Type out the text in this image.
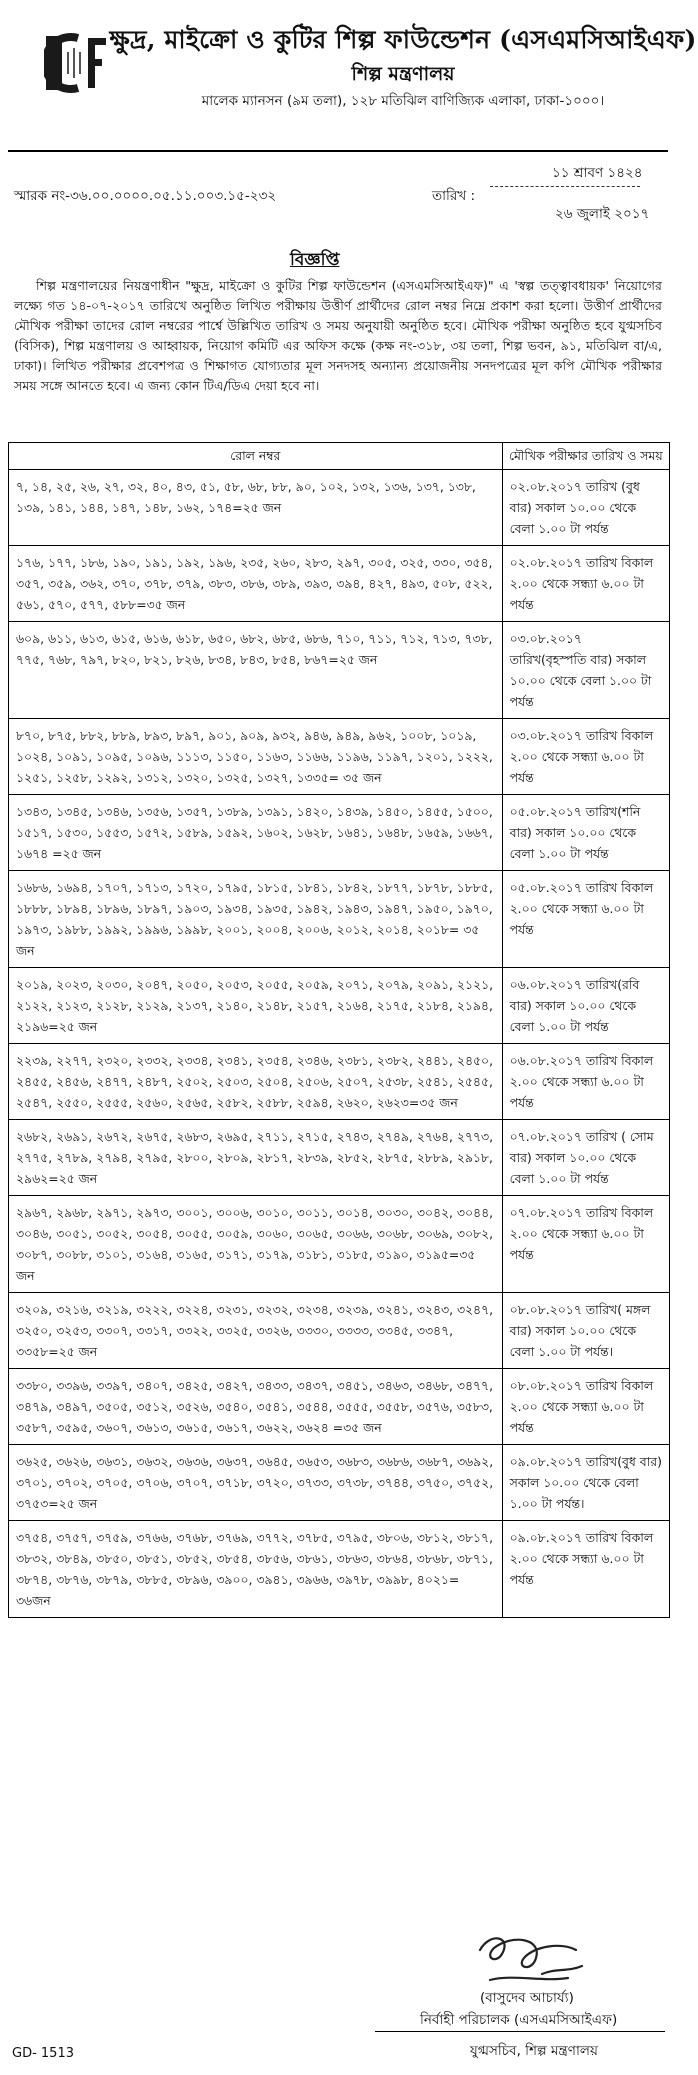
ক্ষুদ্র, মাইক্রো ও কুটির শিল্প ফাউন্ডেশন (এসএমসিআইএফ)
শিল্প মন্ত্রণালয়
মালেক ম্যানসন (৯ম তলা), ১২৮ মতিঝিল বাণিজ্যিক এলাকা, ঢাকা-১০০০।
১১ শ্রাবণ ১৪২৪
স্মারক নং-৩৬.০০.০০০০.০৫.১১.০০৩.১৫-২৩২	তারিখ :
২৬ জুলাই ২০১৭
বিজ্ঞপ্তি
শিল্প মন্ত্রণালয়ের নিয়ন্ত্রণাধীন "ক্ষুদ্র, মাইক্রো ও কুটির শিল্প ফাউন্ডেশন (এসএমসিআইএফ)" এ 'স্বল্প তত্ত্বাবধায়ক' নিয়োগের লক্ষ্যে গত ১৪-০৭-২০১৭ তারিখে অনুষ্ঠিত লিখিত পরীক্ষায় উত্তীর্ণ প্রার্থীদের রোল নম্বর নিম্নে প্রকাশ করা হলো। উত্তীর্ণ প্রার্থীদের মৌখিক পরীক্ষা তাদের রোল নম্বরের পার্শ্বে উল্লিখিত তারিখ ও সময় অনুযায়ী অনুষ্ঠিত হবে। মৌখিক পরীক্ষা অনুষ্ঠিত হবে যুগ্মসচিব (বিসিক), শিল্প মন্ত্রণালয় ও আহ্বায়ক, নিয়োগ কমিটি এর অফিস কক্ষে (কক্ষ নং-৩১৮, ৩য় তলা, শিল্প ভবন, ৯১, মতিঝিল বা/এ, ঢাকা)। লিখিত পরীক্ষার প্রবেশপত্র ও শিক্ষাগত যোগ্যতার মূল সনদসহ অন্যান্য প্রয়োজনীয় সনদপত্রের মূল কপি মৌখিক পরীক্ষার সময় সঙ্গে আনতে হবে। এ জন্য কোন টিএ/ডিএ দেয়া হবে না।
রোল নম্বর	মৌখিক পরীক্ষার তারিখ ও সময়
৭, ১৪, ২৫, ২৬, ২৭, ৩২, ৪০, ৪৩, ৫১, ৫৮, ৬৮, ৮৮, ৯০, ১০২, ১৩২, ১৩৬, ১৩৭, ১৩৮, ১৩৯, ১৪১, ১৪৪, ১৪৭, ১৪৮, ১৬২, ১৭৪=২৫ জন	০২.০৮.২০১৭ তারিখ (বুধ বার) সকাল ১০.০০ থেকে বেলা ১.০০ টা পর্যন্ত
১৭৬, ১৭৭, ১৮৬, ১৯০, ১৯১, ১৯২, ১৯৬, ২৩৫, ২৬০, ২৮৩, ২৯৭, ৩০৫, ৩২৫, ৩৩০, ৩৫৪, ৩৫৭, ৩৫৯, ৩৬২, ৩৭০, ৩৭৮, ৩৭৯, ৩৮৩, ৩৮৬, ৩৮৯, ৩৯৩, ৩৯৪, ৪২৭, ৪৯৩, ৫০৮, ৫২২, ৫৬১, ৫৭০, ৫৭৭, ৫৮৮=৩৫ জন	০২.০৮.২০১৭ তারিখ বিকাল ২.০০ থেকে সন্ধ্যা ৬.০০ টা পর্যন্ত
৬০৯, ৬১১, ৬১৩, ৬১৫, ৬১৬, ৬১৮, ৬৫০, ৬৮২, ৬৮৫, ৬৮৬, ৭১০, ৭১১, ৭১২, ৭১৩, ৭৩৮, ৭৭৫, ৭৬৮, ৭৯৭, ৮২০, ৮২১, ৮২৬, ৮৩৪, ৮৪৩, ৮৫৪, ৮৬৭=২৫ জন	০৩.০৮.২০১৭ তারিখ(বৃহস্পতি বার) সকাল ১০.০০ থেকে বেলা ১.০০ টা পর্যন্ত
৮৭০, ৮৭৫, ৮৮২, ৮৮৯, ৮৯৩, ৮৯৭, ৯০১, ৯০৯, ৯৩২, ৯৪৬, ৯৪৯, ৯৬২, ১০০৮, ১০১৯, ১০২৪, ১০৯১, ১০৯৫, ১০৯৬, ১১১৩, ১১৫০, ১১৬৩, ১১৬৬, ১১৯৬, ১১৯৭, ১২০১, ১২২২, ১২৫১, ১২৫৮, ১২৯২, ১৩১২, ১৩২০, ১৩২৫, ১৩২৭, ১৩৩৫= ৩৫ জন	০৩.০৮.২০১৭ তারিখ বিকাল ২.০০ থেকে সন্ধ্যা ৬.০০ টা পর্যন্ত
১৩৪৩, ১৩৪৫, ১৩৪৬, ১৩৫৬, ১৩৫৭, ১৩৮৯, ১৩৯১, ১৪২০, ১৪৩৯, ১৪৫০, ১৪৫৫, ১৫০০, ১৫১৭, ১৫৩০, ১৫৫৩, ১৫৭২, ১৫৮৯, ১৫৯২, ১৬০২, ১৬২৮, ১৬৪১, ১৬৪৮, ১৬৫৯, ১৬৬৭, ১৬৭৪ =২৫ জন	০৫.০৮.২০১৭ তারিখ(শনি বার) সকাল ১০.০০ থেকে বেলা ১.০০ টা পর্যন্ত
১৬৮৬, ১৬৯৪, ১৭০৭, ১৭১৩, ১৭২০, ১৭৯৫, ১৮১৫, ১৮৪১, ১৮৪২, ১৮৭৭, ১৮৭৮, ১৮৮৫, ১৮৮৮, ১৮৯৪, ১৮৯৬, ১৮৯৭, ১৯০৩, ১৯৩৪, ১৯৩৫, ১৯৪২, ১৯৪৩, ১৯৪৭, ১৯৫০, ১৯৭০, ১৯৭৩, ১৯৮৮, ১৯৯২, ১৯৯৬, ১৯৯৮, ২০০১, ২০০৪, ২০০৬, ২০১২, ২০১৪, ২০১৮= ৩৫ জন	০৫.০৮.২০১৭ তারিখ বিকাল ২.০০ থেকে সন্ধ্যা ৬.০০ টা পর্যন্ত
২০১৯, ২০২৩, ২০৩০, ২০৪৭, ২০৫০, ২০৫৩, ২০৫৫, ২০৫৯, ২০৭১, ২০৭৯, ২০৯১, ২১২১, ২১২২, ২১২৩, ২১২৮, ২১২৯, ২১৩৭, ২১৪০, ২১৪৮, ২১৫৭, ২১৬৪, ২১৭৫, ২১৮৪, ২১৯৪, ২১৯৬=২৫ জন	০৬.০৮.২০১৭ তারিখ(রবি বার) সকাল ১০.০০ থেকে বেলা ১.০০ টা পর্যন্ত
২২৩৯, ২২৭৭, ২৩২০, ২৩৩২, ২৩৩৪, ২৩৪১, ২৩৫৪, ২৩৪৬, ২৩৮১, ২৩৮২, ২৪৪১, ২৪৫০, ২৪৫৫, ২৪৫৬, ২৪৭৭, ২৪৮৭, ২৫০২, ২৫০৩, ২৫০৪, ২৫০৬, ২৫০৭, ২৫৩৮, ২৫৪১, ২৫৪৫, ২৫৪৭, ২৫৫০, ২৫৫৫, ২৫৬০, ২৫৬৫, ২৫৮২, ২৫৮৮, ২৫৯৪, ২৬২০, ২৬২৩=৩৫ জন	০৬.০৮.২০১৭ তারিখ বিকাল ২.০০ থেকে সন্ধ্যা ৬.০০ টা পর্যন্ত
২৬৮২, ২৬৯১, ২৬৭২, ২৬৭৫, ২৬৮৩, ২৬৯৫, ২৭১১, ২৭১৫, ২৭৪৩, ২৭৪৯, ২৭৬৪, ২৭৭৩, ২৭৭৫, ২৭৮৯, ২৭৯৪, ২৭৯৫, ২৮০০, ২৮০৯, ২৮১৭, ২৮৩৯, ২৮৫২, ২৮৭৫, ২৮৮৯, ২৯১৮, ২৯৬২=২৫ জন	০৭.০৮.২০১৭ তারিখ ( সোম বার) সকাল ১০.০০ থেকে বেলা ১.০০ টা পর্যন্ত
২৯৬৭, ২৯৬৮, ২৯৭১, ২৯৭৩, ৩০০১, ৩০০৬, ৩০১০, ৩০১১, ৩০১৪, ৩০৩০, ৩০৪২, ৩০৪৪, ৩০৪৬, ৩০৫১, ৩০৫২, ৩০৫৪, ৩০৫৫, ৩০৫৯, ৩০৬০, ৩০৬৫, ৩০৬৬, ৩০৬৮, ৩০৬৯, ৩০৮২, ৩০৮৭, ৩০৮৮, ৩১০১, ৩১৬৪, ৩১৬৫, ৩১৭১, ৩১৭৯, ৩১৮১, ৩১৮৫, ৩১৯০, ৩১৯৫=৩৫ জন	০৭.০৮.২০১৭ তারিখ বিকাল ২.০০ থেকে সন্ধ্যা ৬.০০ টা পর্যন্ত
৩২০৯, ৩২১৬, ৩২১৯, ৩২২২, ৩২২৪, ৩২৩১, ৩২৩২, ৩২৩৪, ৩২৩৯, ৩২৪১, ৩২৪৩, ৩২৪৭, ৩২৫০, ৩২৫৩, ৩৩০৭, ৩৩১৭, ৩৩২২, ৩৩২৫, ৩৩২৬, ৩৩৩০, ৩৩৩৩, ৩৩৪৫, ৩৩৪৭, ৩৩৫৮=২৫ জন	০৮.০৮.২০১৭ তারিখ( মঙ্গল বার) সকাল ১০.০০ থেকে বেলা ১.০০ টা পর্যন্ত।
৩৩৮০, ৩৩৯৬, ৩৩৯৭, ৩৪০৭, ৩৪২৫, ৩৪২৭, ৩৪৩৩, ৩৪৩৭, ৩৪৫১, ৩৪৬৩, ৩৪৬৮, ৩৪৭৭, ৩৪৭৯, ৩৪৯৭, ৩৫০৫, ৩৫১২, ৩৫২৬, ৩৫৪০, ৩৫৪১, ৩৫৪৪, ৩৫৫৫, ৩৫৫৮, ৩৫৭৬, ৩৫৮৩, ৩৫৮৭, ৩৫৯৫, ৩৬০৭, ৩৬১৩, ৩৬১৫, ৩৬১৭, ৩৬২২, ৩৬২৪ =৩৫ জন	০৮.০৮.২০১৭ তারিখ বিকাল ২.০০ থেকে সন্ধ্যা ৬.০০ টা পর্যন্ত
৩৬২৫, ৩৬২৬, ৩৬৩১, ৩৬৩২, ৩৬৩৬, ৩৬৩৭, ৩৬৪৫, ৩৬৫৩, ৩৬৮৩, ৩৬৮৬, ৩৬৮৭, ৩৬৯২, ৩৭০১, ৩৭০২, ৩৭০৫, ৩৭০৬, ৩৭০৭, ৩৭১৮, ৩৭২০, ৩৭৩৩, ৩৭৩৮, ৩৭৪৪, ৩৭৫০, ৩৭৫২, ৩৭৫৩=২৫ জন	০৯.০৮.২০১৭ তারিখ(বুধ বার) সকাল ১০.০০ থেকে বেলা ১.০০ টা পর্যন্ত।
৩৭৫৪, ৩৭৫৭, ৩৭৫৯, ৩৭৬৬, ৩৭৬৮, ৩৭৬৯, ৩৭৭২, ৩৭৮৫, ৩৭৯৫, ৩৮০৬, ৩৮১২, ৩৮১৭, ৩৮৩২, ৩৮৪৯, ৩৮৫০, ৩৮৫১, ৩৮৫২, ৩৮৫৪, ৩৮৫৬, ৩৮৬১, ৩৮৬৩, ৩৮৬৪, ৩৮৬৮, ৩৮৭১, ৩৮৭৪, ৩৮৭৬, ৩৮৭৯, ৩৮৮৫, ৩৮৯৬, ৩৯০০, ৩৯৪১, ৩৯৬৬, ৩৯৭৮, ৩৯৯৮, ৪০২১= ৩৬জন	০৯.০৮.২০১৭ তারিখ বিকাল ২.০০ থেকে সন্ধ্যা ৬.০০ টা পর্যন্ত
(বাসুদেব আচার্য্য)
নির্বাহী পরিচালক (এসএমসিআইএফ)
যুগ্মসচিব, শিল্প মন্ত্রণালয়
GD- 1513
